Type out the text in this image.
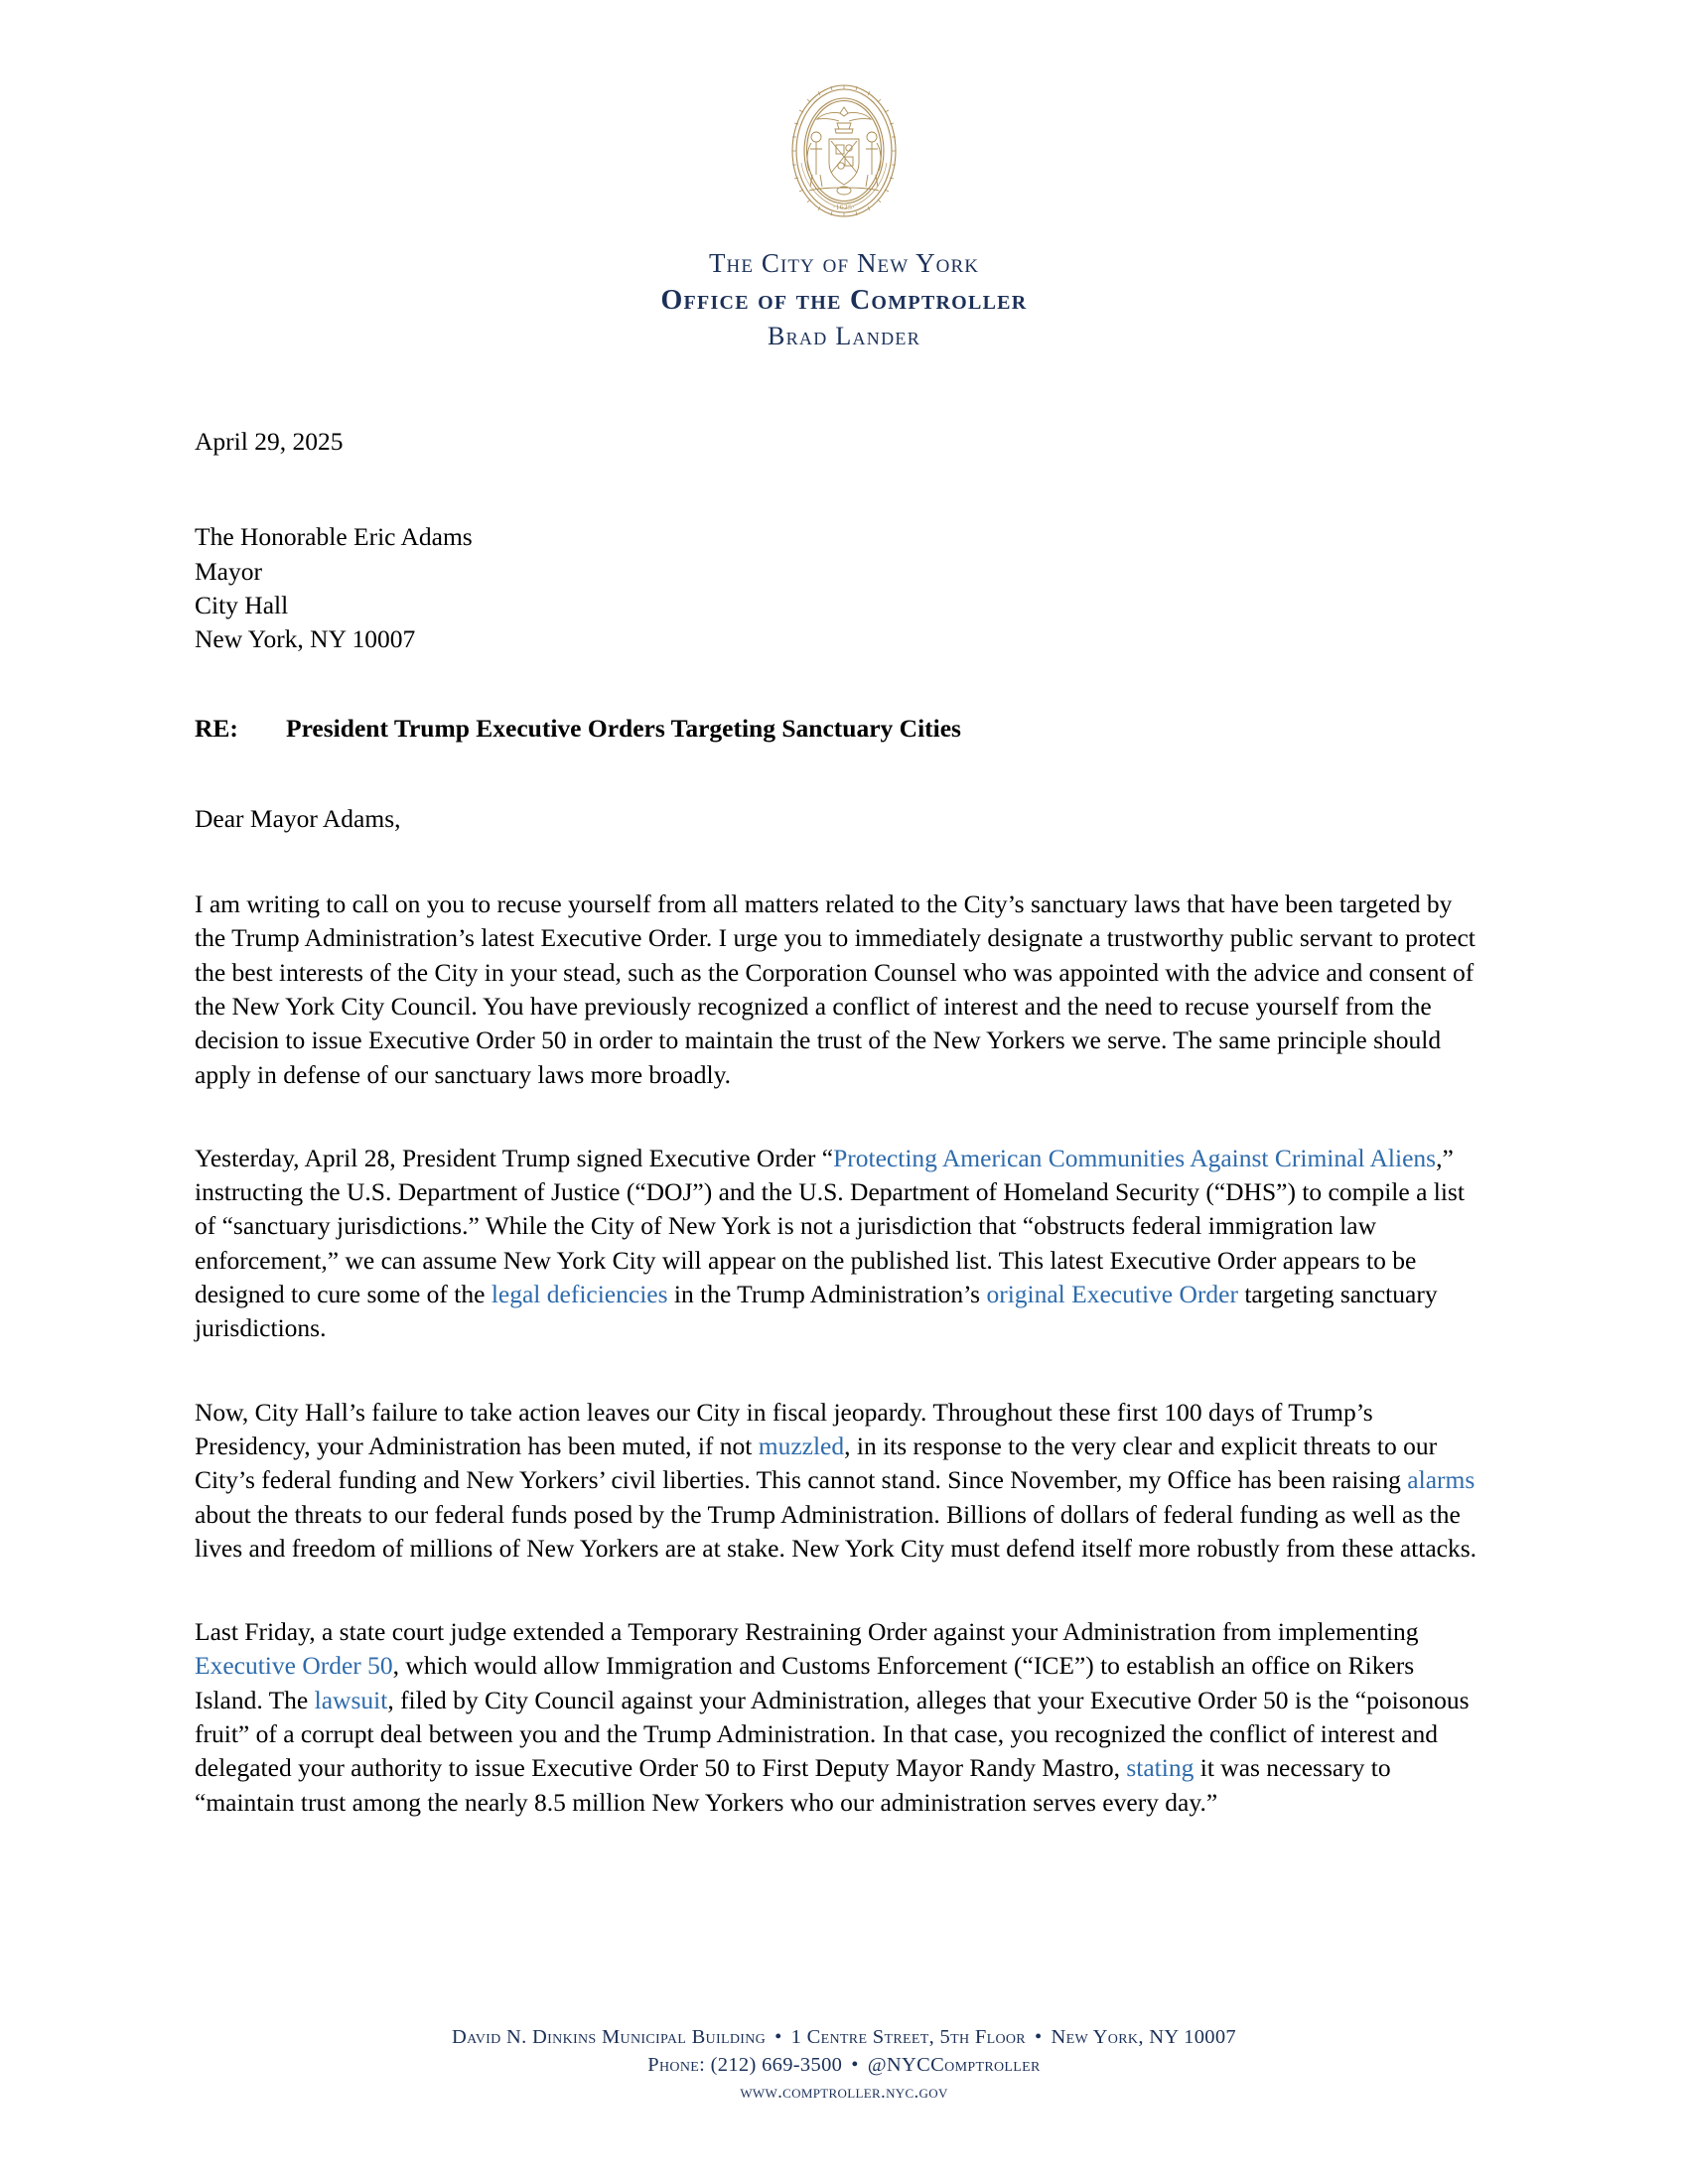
·1625·
The City of New York
Office of the Comptroller
Brad Lander
April 29, 2025
The Honorable Eric Adams
Mayor
City Hall
New York, NY 10007
RE: President Trump Executive Orders Targeting Sanctuary Cities
Dear Mayor Adams,

I am writing to call on you to recuse yourself from all matters related to the City’s sanctuary laws that have been targeted by the Trump Administration’s latest Executive Order. I urge you to immediately designate a trustworthy public servant to protect the best interests of the City in your stead, such as the Corporation Counsel who was appointed with the advice and consent of the New York City Council. You have previously recognized a conflict of interest and the need to recuse yourself from the decision to issue Executive Order 50 in order to maintain the trust of the New Yorkers we serve. The same principle should apply in defense of our sanctuary laws more broadly.

Yesterday, April 28, President Trump signed Executive Order “Protecting American Communities Against Criminal Aliens,” instructing the U.S. Department of Justice (“DOJ”) and the U.S. Department of Homeland Security (“DHS”) to compile a list of “sanctuary jurisdictions.” While the City of New York is not a jurisdiction that “obstructs federal immigration law enforcement,” we can assume New York City will appear on the published list. This latest Executive Order appears to be designed to cure some of the legal deficiencies in the Trump Administration’s original Executive Order targeting sanctuary jurisdictions.

Now, City Hall’s failure to take action leaves our City in fiscal jeopardy. Throughout these first 100 days of Trump’s Presidency, your Administration has been muted, if not muzzled, in its response to the very clear and explicit threats to our City’s federal funding and New Yorkers’ civil liberties. This cannot stand. Since November, my Office has been raising alarms about the threats to our federal funds posed by the Trump Administration. Billions of dollars of federal funding as well as the lives and freedom of millions of New Yorkers are at stake. New York City must defend itself more robustly from these attacks.

Last Friday, a state court judge extended a Temporary Restraining Order against your Administration from implementing Executive Order 50, which would allow Immigration and Customs Enforcement (“ICE”) to establish an office on Rikers Island. The lawsuit, filed by City Council against your Administration, alleges that your Executive Order 50 is the “poisonous fruit” of a corrupt deal between you and the Trump Administration. In that case, you recognized the conflict of interest and delegated your authority to issue Executive Order 50 to First Deputy Mayor Randy Mastro, stating it was necessary to “maintain trust among the nearly 8.5 million New Yorkers who our administration serves every day.”

David N. Dinkins Municipal Building • 1 Centre Street, 5th Floor • New York, NY 10007
Phone: (212) 669-3500 • @NYCComptroller
www.comptroller.nyc.gov
